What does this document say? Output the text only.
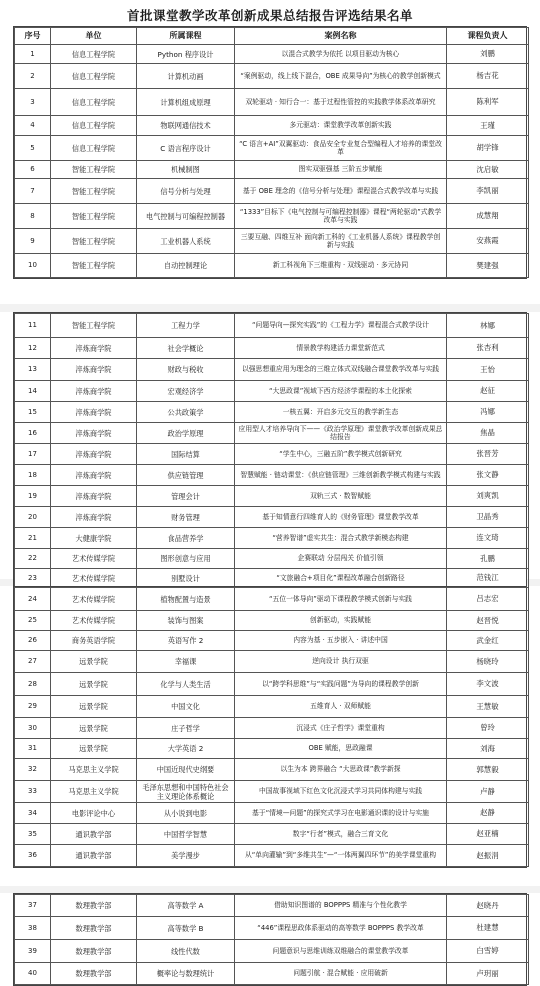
首批课堂教学改革创新成果总结报告评选结果名单
序号	单位	所属课程	案例名称	课程负责人
1	信息工程学院	Python 程序设计	以混合式教学为依托 以项目驱动为核心	刘鹏
2	信息工程学院	计算机动画	“案例驱动，线上线下混合，OBE 成果导向”为核心的教学创新模式	杨吉花
3	信息工程学院	计算机组成原理	双轮驱动 · 知行合一：基于过程性管控的实践教学体系改革研究	陈利军
4	信息工程学院	物联网通信技术	多元驱动：课堂教学改革创新实践	王瑾
5	信息工程学院	C 语言程序设计	“C 语言+AI”双翼驱动：食品安全专业复合型编程人才培养的课堂改革	胡学锋
6	智能工程学院	机械制图	图实双驱强基 三阶五步赋能	沈启敏
7	智能工程学院	信号分析与处理	基于 OBE 理念的《信号分析与处理》课程混合式教学改革与实践	李凯丽
8	智能工程学院	电气控制与可编程控制器	“1333”目标下《电气控制与可编程控制器》课程“两轮驱动”式教学改革与实践	成慧翔
9	智能工程学院	工业机器人系统	三要互融、四维互补 面向新工科的《工业机器人系统》课程教学创新与实践	安燕霞
10	智能工程学院	自动控制理论	新工科视角下三维重构 · 双线驱动 · 多元协同	樊建强
11	智能工程学院	工程力学	“问题导向—探究实践”的《工程力学》课程混合式教学设计	林娜
12	淬炼商学院	社会学概论	情景教学构建活力课堂新范式	张杏利
13	淬炼商学院	财政与税收	以强思想重应用为理念的三维立体式双线融合课堂教学改革与实践	王怡
14	淬炼商学院	宏观经济学	“大思政课”视域下西方经济学课程的本土化探索	赵征
15	淬炼商学院	公共政策学	一核五翼：开启多元交互的教学新生态	冯娜
16	淬炼商学院	政治学原理	应用型人才培养导向下——《政治学原理》课堂教学改革创新成果总结报告	焦晶
17	淬炼商学院	国际结算	“学生中心，三融五阶”教学模式创新研究	张晋芳
18	淬炼商学院	供应链管理	智慧赋能 · 链动课堂：《供应链管理》三维创新教学模式构建与实践	张文静
19	淬炼商学院	管理会计	双轨三式 · 数智赋能	刘爽凯
20	淬炼商学院	财务管理	基于知情意行四维育人的《财务管理》课堂教学改革	卫晶秀
21	大健康学院	食品营养学	“营养智谱”虚实共生：混合式教学新模态构建	连文琦
22	艺术传媒学院	图形创意与应用	企赛联动 分层闯关 价值引领	孔鹏
23	艺术传媒学院	别墅设计	“文旅融合+项目化”课程改革融合创新路径	范钱江
24	艺术传媒学院	植物配置与造景	“五位一体导向”驱动下课程教学模式创新与实践	吕志宏
25	艺术传媒学院	装饰与图案	创新驱动，实践赋能	赵晋悦
26	商务英语学院	英语写作 2	内容为基 · 五步嵌入 · 讲述中国	武金红
27	远景学院	幸福课	逆向设计 执行双驱	杨晓玲
28	远景学院	化学与人类生活	以“跨学科思维”与“实践问题”为导向的课程教学创新	李文波
29	远景学院	中国文化	五维育人 · 双师赋能	王慧敏
30	远景学院	庄子哲学	沉浸式《庄子哲学》课堂重构	曾玲
31	远景学院	大学英语 2	OBE 赋能，思政融课	刘海
32	马克思主义学院	中国近现代史纲要	以生为本 跨界融合 “大思政课”教学新探	郭慧毅
33	马克思主义学院	毛泽东思想和中国特色社会主义理论体系概论	中国故事视域下红色文化沉浸式学习共同体构建与实践	卢静
34	电影评论中心	从小说到电影	基于“情境—问题”的探究式学习在电影通识课的设计与实施	赵静
35	通识教学部	中国哲学智慧	数字“行者”模式，融合三育文化	赵亚楠
36	通识教学部	美学漫步	从“单向灌输”到“多维共生”—“一体两翼四环节”的美学课堂重构	赵振涓
37	数理教学部	高等数学 A	借助知识图谱的 BOPPPS 精准与个性化教学	赵晓丹
38	数理教学部	高等数学 B	“446”课程思政体系驱动的高等数学 BOPPPS 教学改革	杜建慧
39	数理教学部	线性代数	问题意识与思维训练双维融合的课堂教学改革	白雪婷
40	数理教学部	概率论与数理统计	问题引航 · 混合赋能 · 应用破新	卢玥丽
